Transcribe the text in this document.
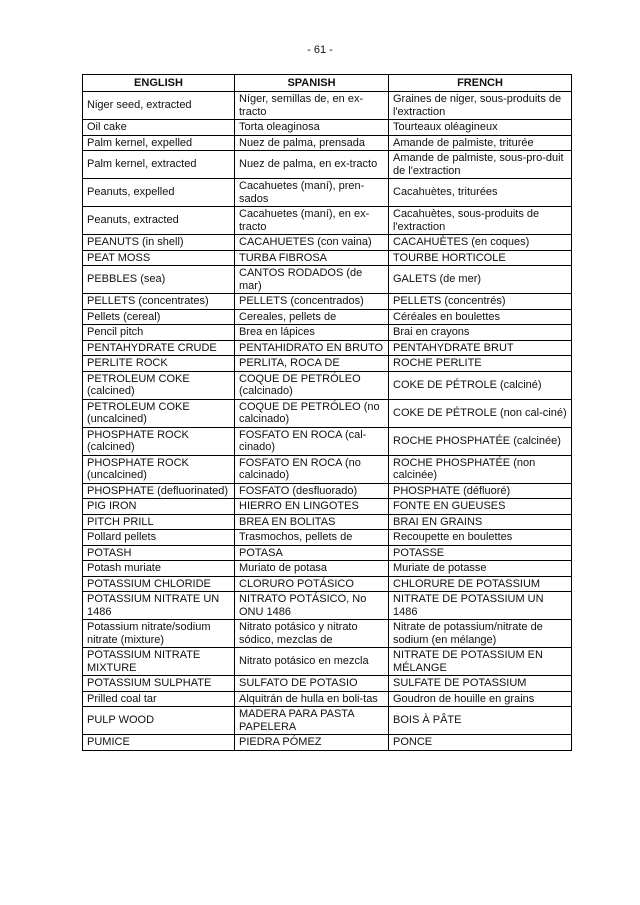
- 61 -
ENGLISH	SPANISH	FRENCH
Niger seed, extracted	Níger, semillas de, en ex-tracto	Graines de niger, sous-produits de l'extraction
Oil cake	Torta oleaginosa	Tourteaux oléagineux
Palm kernel, expelled	Nuez de palma, prensada	Amande de palmiste, triturée
Palm kernel, extracted	Nuez de palma, en ex-tracto	Amande de palmiste, sous-pro-duit de l'extraction
Peanuts, expelled	Cacahuetes (maní), pren-sados	Cacahuètes, triturées
Peanuts, extracted	Cacahuetes (maní), en ex-tracto	Cacahuètes, sous-produits de l'extraction
PEANUTS (in shell)	CACAHUETES (con vaina)	CACAHUÈTES (en coques)
PEAT MOSS	TURBA FIBROSA	TOURBE HORTICOLE
PEBBLES (sea)	CANTOS RODADOS (de mar)	GALETS (de mer)
PELLETS (concentrates)	PELLETS (concentrados)	PELLETS (concentrés)
Pellets (cereal)	Cereales, pellets de	Céréales en boulettes
Pencil pitch	Brea en lápices	Brai en crayons
PENTAHYDRATE CRUDE	PENTAHIDRATO EN BRUTO	PENTAHYDRATE BRUT
PERLITE ROCK	PERLITA, ROCA DE	ROCHE PERLITE
PETROLEUM COKE (calcined)	COQUE DE PETRÓLEO (calcinado)	COKE DE PÉTROLE (calciné)
PETROLEUM COKE (uncalcined)	COQUE DE PETRÓLEO (no calcinado)	COKE DE PÉTROLE (non cal-ciné)
PHOSPHATE ROCK (calcined)	FOSFATO EN ROCA (cal-cinado)	ROCHE PHOSPHATÉE (calcinée)
PHOSPHATE ROCK (uncalcined)	FOSFATO EN ROCA (no calcinado)	ROCHE PHOSPHATÉE (non calcinée)
PHOSPHATE (defluorinated)	FOSFATO (desfluorado)	PHOSPHATE (défluoré)
PIG IRON	HIERRO EN LINGOTES	FONTE EN GUEUSES
PITCH PRILL	BREA EN BOLITAS	BRAI EN GRAINS
Pollard pellets	Trasmochos, pellets de	Recoupette en boulettes
POTASH	POTASA	POTASSE
Potash muriate	Muriato de potasa	Muriate de potasse
POTASSIUM CHLORIDE	CLORURO POTÁSICO	CHLORURE DE POTASSIUM
POTASSIUM NITRATE UN 1486	NITRATO POTÁSICO, No ONU 1486	NITRATE DE POTASSIUM UN 1486
Potassium nitrate/sodium nitrate (mixture)	Nitrato potásico y nitrato sódico, mezclas de	Nitrate de potassium/nitrate de sodium (en mélange)
POTASSIUM NITRATE MIXTURE	Nitrato potásico en mezcla	NITRATE DE POTASSIUM EN MÉLANGE
POTASSIUM SULPHATE	SULFATO DE POTASIO	SULFATE DE POTASSIUM
Prilled coal tar	Alquitrán de hulla en boli-tas	Goudron de houille en grains
PULP WOOD	MADERA PARA PASTA PAPELERA	BOIS À PÂTE
PUMICE	PIEDRA PÓMEZ	PONCE
